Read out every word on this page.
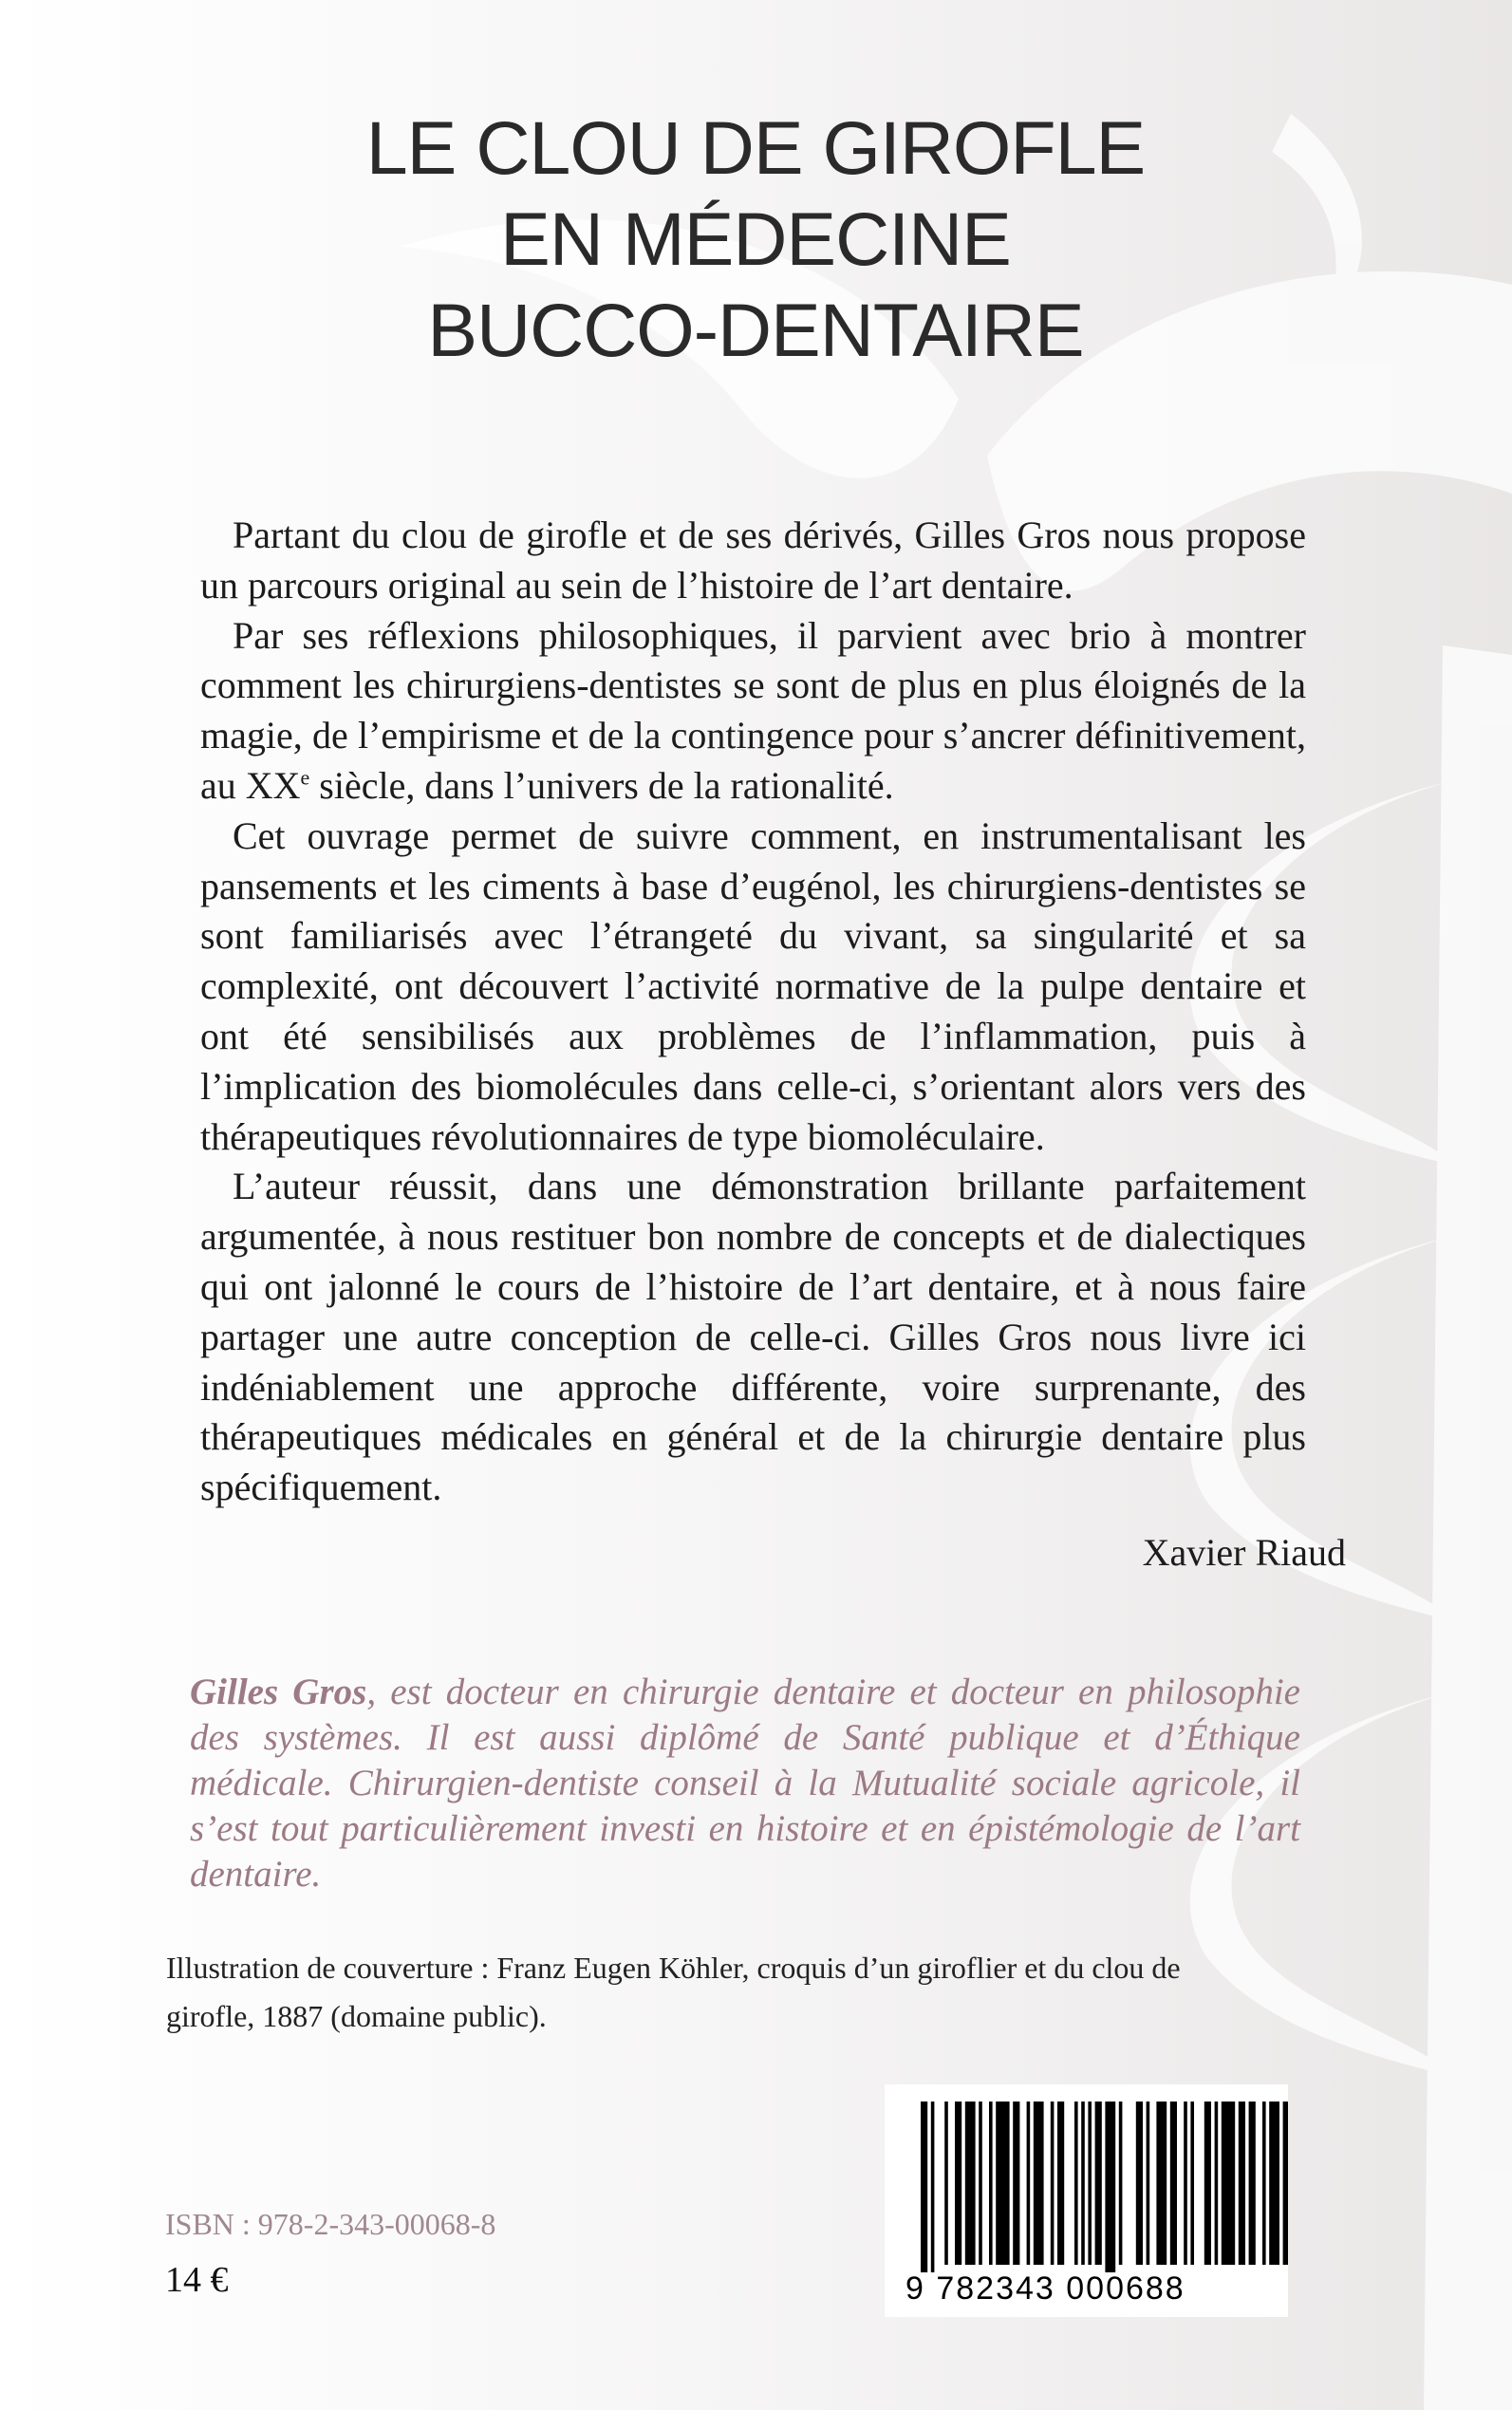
LE CLOU DE GIROFLE
EN MÉDECINE
BUCCO-DENTAIRE

Partant du clou de girofle et de ses dérivés, Gilles Gros nous propose un parcours original au sein de l’histoire de l’art dentaire.

Par ses réflexions philosophiques, il parvient avec brio à montrer comment les chirurgiens-dentistes se sont de plus en plus éloignés de la magie, de l’empirisme et de la contingence pour s’ancrer définitivement, au XXe siècle, dans l’univers de la rationalité.

Cet ouvrage permet de suivre comment, en instrumentalisant les pansements et les ciments à base d’eugénol, les chirurgiens-dentistes se sont familiarisés avec l’étrangeté du vivant, sa singularité et sa complexité, ont découvert l’activité normative de la pulpe dentaire et ont été sensibilisés aux problèmes de l’inflammation, puis à l’implication des biomolécules dans celle-ci, s’orientant alors vers des thérapeutiques révolutionnaires de type biomoléculaire.

L’auteur réussit, dans une démonstration brillante parfaitement argumentée, à nous restituer bon nombre de concepts et de dialectiques qui ont jalonné le cours de l’histoire de l’art dentaire, et à nous faire partager une autre conception de celle-ci. Gilles Gros nous livre ici indéniablement une approche différente, voire surprenante, des thérapeutiques médicales en général et de la chirurgie dentaire plus spécifiquement.

Xavier Riaud
Gilles Gros, est docteur en chirurgie dentaire et docteur en philosophie des systèmes. Il est aussi diplômé de Santé publique et d’Éthique médicale. Chirurgien-dentiste conseil à la Mutualité sociale agricole, il s’est tout particulièrement investi en histoire et en épistémologie de l’art dentaire.
Illustration de couverture : Franz Eugen Köhler, croquis d’un giroflier et du clou de girofle, 1887 (domaine public).
ISBN : 978-2-343-00068-8
14 €	9 782343 000688
